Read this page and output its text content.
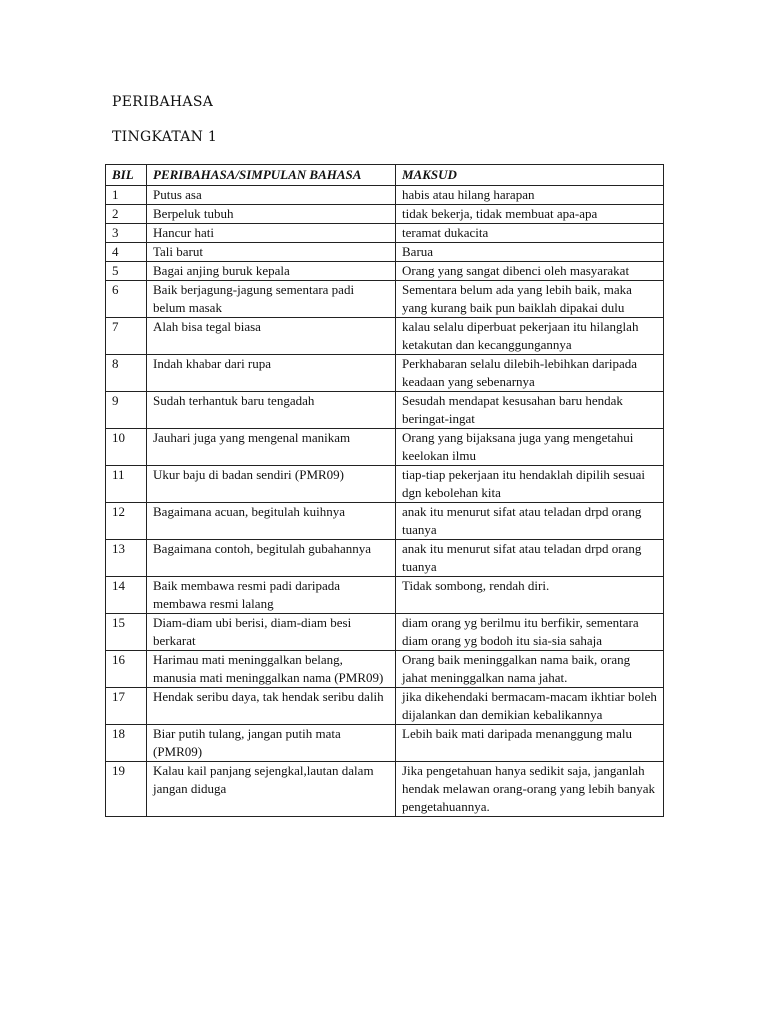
PERIBAHASA
TINGKATAN 1
BIL	PERIBAHASA/SIMPULAN BAHASA	MAKSUD
1	Putus asa	habis atau hilang harapan
2	Berpeluk tubuh	tidak bekerja, tidak membuat apa-apa
3	Hancur hati	teramat dukacita
4	Tali barut	Barua
5	Bagai anjing buruk kepala	Orang yang sangat dibenci oleh masyarakat
6	Baik berjagung-jagung sementara padi belum masak	Sementara belum ada yang lebih baik, maka yang kurang baik pun baiklah dipakai dulu
7	Alah bisa tegal biasa	kalau selalu diperbuat pekerjaan itu hilanglah ketakutan dan kecanggungannya
8	Indah khabar dari rupa	Perkhabaran selalu dilebih-lebihkan daripada keadaan yang sebenarnya
9	Sudah terhantuk baru tengadah	Sesudah mendapat kesusahan baru hendak beringat-ingat
10	Jauhari juga yang mengenal manikam	Orang yang bijaksana juga yang mengetahui keelokan ilmu
11	Ukur baju di badan sendiri (PMR09)	tiap-tiap pekerjaan itu hendaklah dipilih sesuai dgn kebolehan kita
12	Bagaimana acuan, begitulah kuihnya	anak itu menurut sifat atau teladan drpd orang tuanya
13	Bagaimana contoh, begitulah gubahannya	anak itu menurut sifat atau teladan drpd orang tuanya
14	Baik membawa resmi padi daripada membawa resmi lalang	Tidak sombong, rendah diri.
15	Diam-diam ubi berisi, diam-diam besi berkarat	diam orang yg berilmu itu berfikir, sementara diam orang yg bodoh itu sia-sia sahaja
16	Harimau mati meninggalkan belang, manusia mati meninggalkan nama (PMR09)	Orang baik meninggalkan nama baik, orang jahat meninggalkan nama jahat.
17	Hendak seribu daya, tak hendak seribu dalih	jika dikehendaki bermacam-macam ikhtiar boleh dijalankan dan demikian kebalikannya
18	Biar putih tulang, jangan putih mata (PMR09)	Lebih baik mati daripada menanggung malu
19	Kalau kail panjang sejengkal,lautan dalam jangan diduga	Jika pengetahuan hanya sedikit saja, janganlah hendak melawan orang-orang yang lebih banyak pengetahuannya.
